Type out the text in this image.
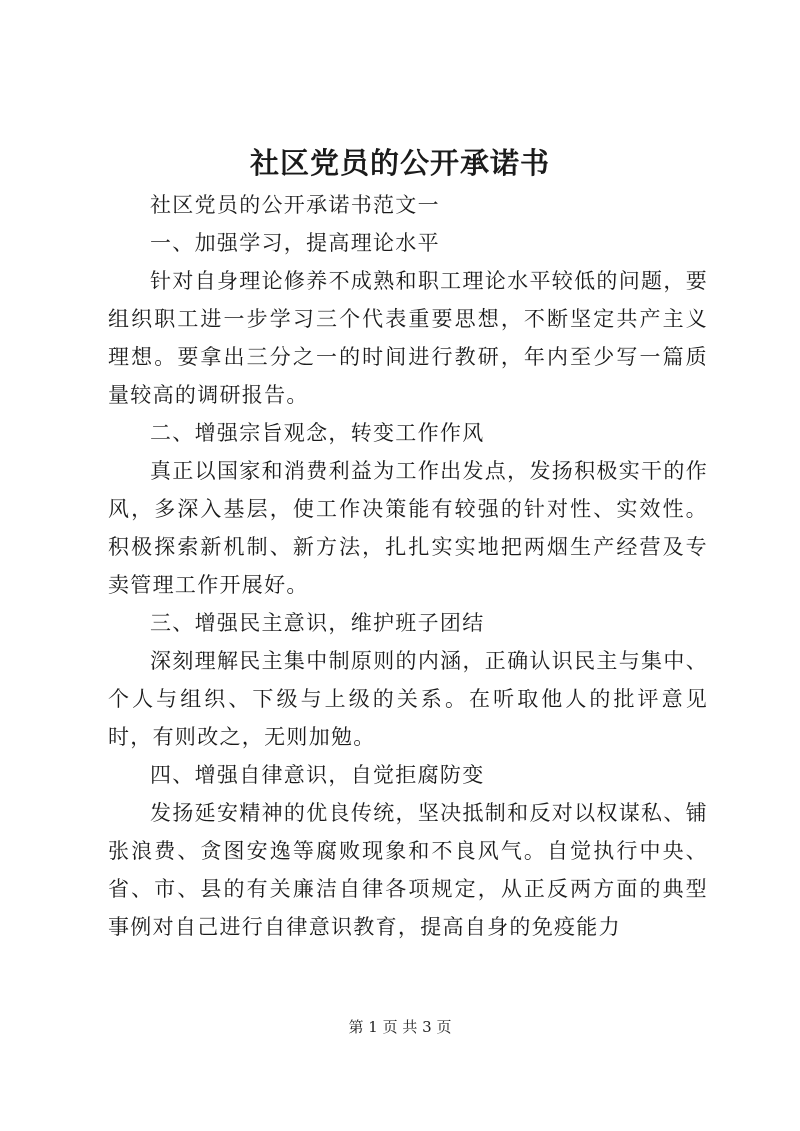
社区党员的公开承诺书

社区党员的公开承诺书范文一

一、加强学习，提高理论水平

针对自身理论修养不成熟和职工理论水平较低的问题，要组织职工进一步学习三个代表重要思想，不断坚定共产主义理想。要拿出三分之一的时间进行教研，年内至少写一篇质量较高的调研报告。

二、增强宗旨观念，转变工作作风

真正以国家和消费利益为工作出发点，发扬积极实干的作风，多深入基层，使工作决策能有较强的针对性、实效性。积极探索新机制、新方法，扎扎实实地把两烟生产经营及专卖管理工作开展好。

三、增强民主意识，维护班子团结

深刻理解民主集中制原则的内涵，正确认识民主与集中、个人与组织、下级与上级的关系。在听取他人的批评意见时，有则改之，无则加勉。

四、增强自律意识，自觉拒腐防变

发扬延安精神的优良传统，坚决抵制和反对以权谋私、铺张浪费、贪图安逸等腐败现象和不良风气。自觉执行中央、省、市、县的有关廉洁自律各项规定，从正反两方面的典型事例对自己进行自律意识教育，提高自身的免疫能力

第 1 页 共 3 页
